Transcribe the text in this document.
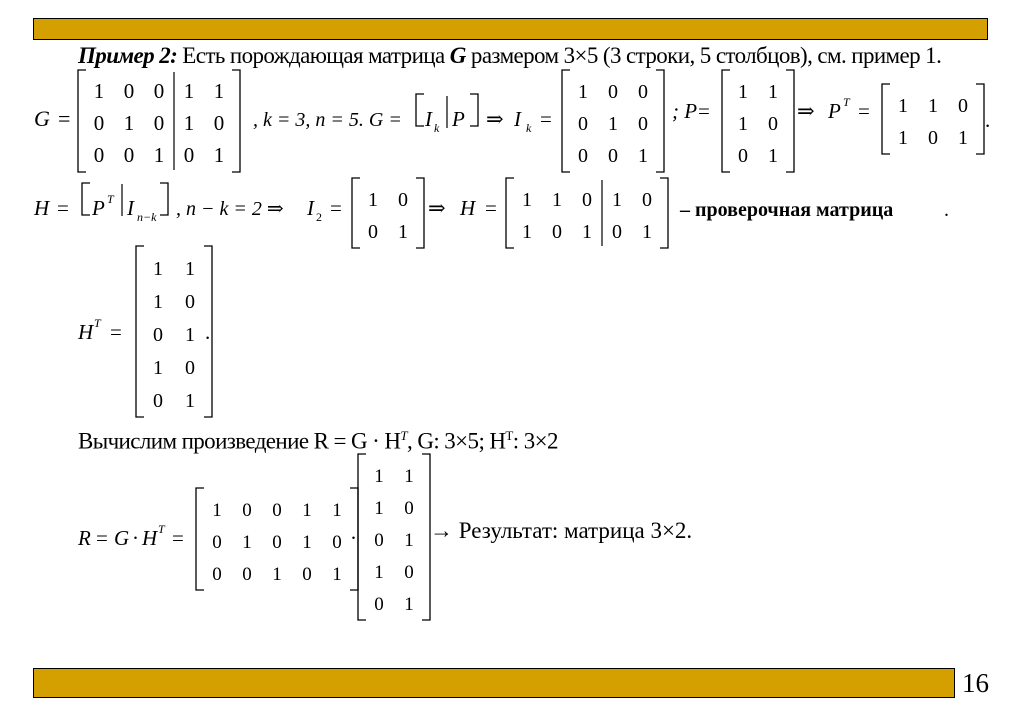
16
Пример 2: Есть порождающая матрица G размером 3×5 (3 строки, 5 столбцов), см. пример 1.
G =
1 0 0 1 1
0 1 0 1 0
0 0 1 0 1
, k = 3, n = 5. G = I k P ⇒ I k =
1 0 0
0 1 0
0 0 1
; P =
1 1
1 0
0 1
⇒ P T = 1 1 0
1 0 1
.
H = P T I n−k , n − k = 2 ⇒ I 2 = 1 0
0 1
⇒ H = 1 1 0 1 0
1 0 1 0 1
– проверочная матрица	.
H T =
1 1
1 0
0 1
1 0
0 1
.
R = G · H T =
1 0 0 1 1
0 1 0 1 0
0 0 1 0 1
·
1 1
1 0
0 1
1 0
0 1
Вычислим произведение $R = G \cdot H^T$, G: 3×5; $H^T$: 3×2
→ Результат: матрица 3×2.
